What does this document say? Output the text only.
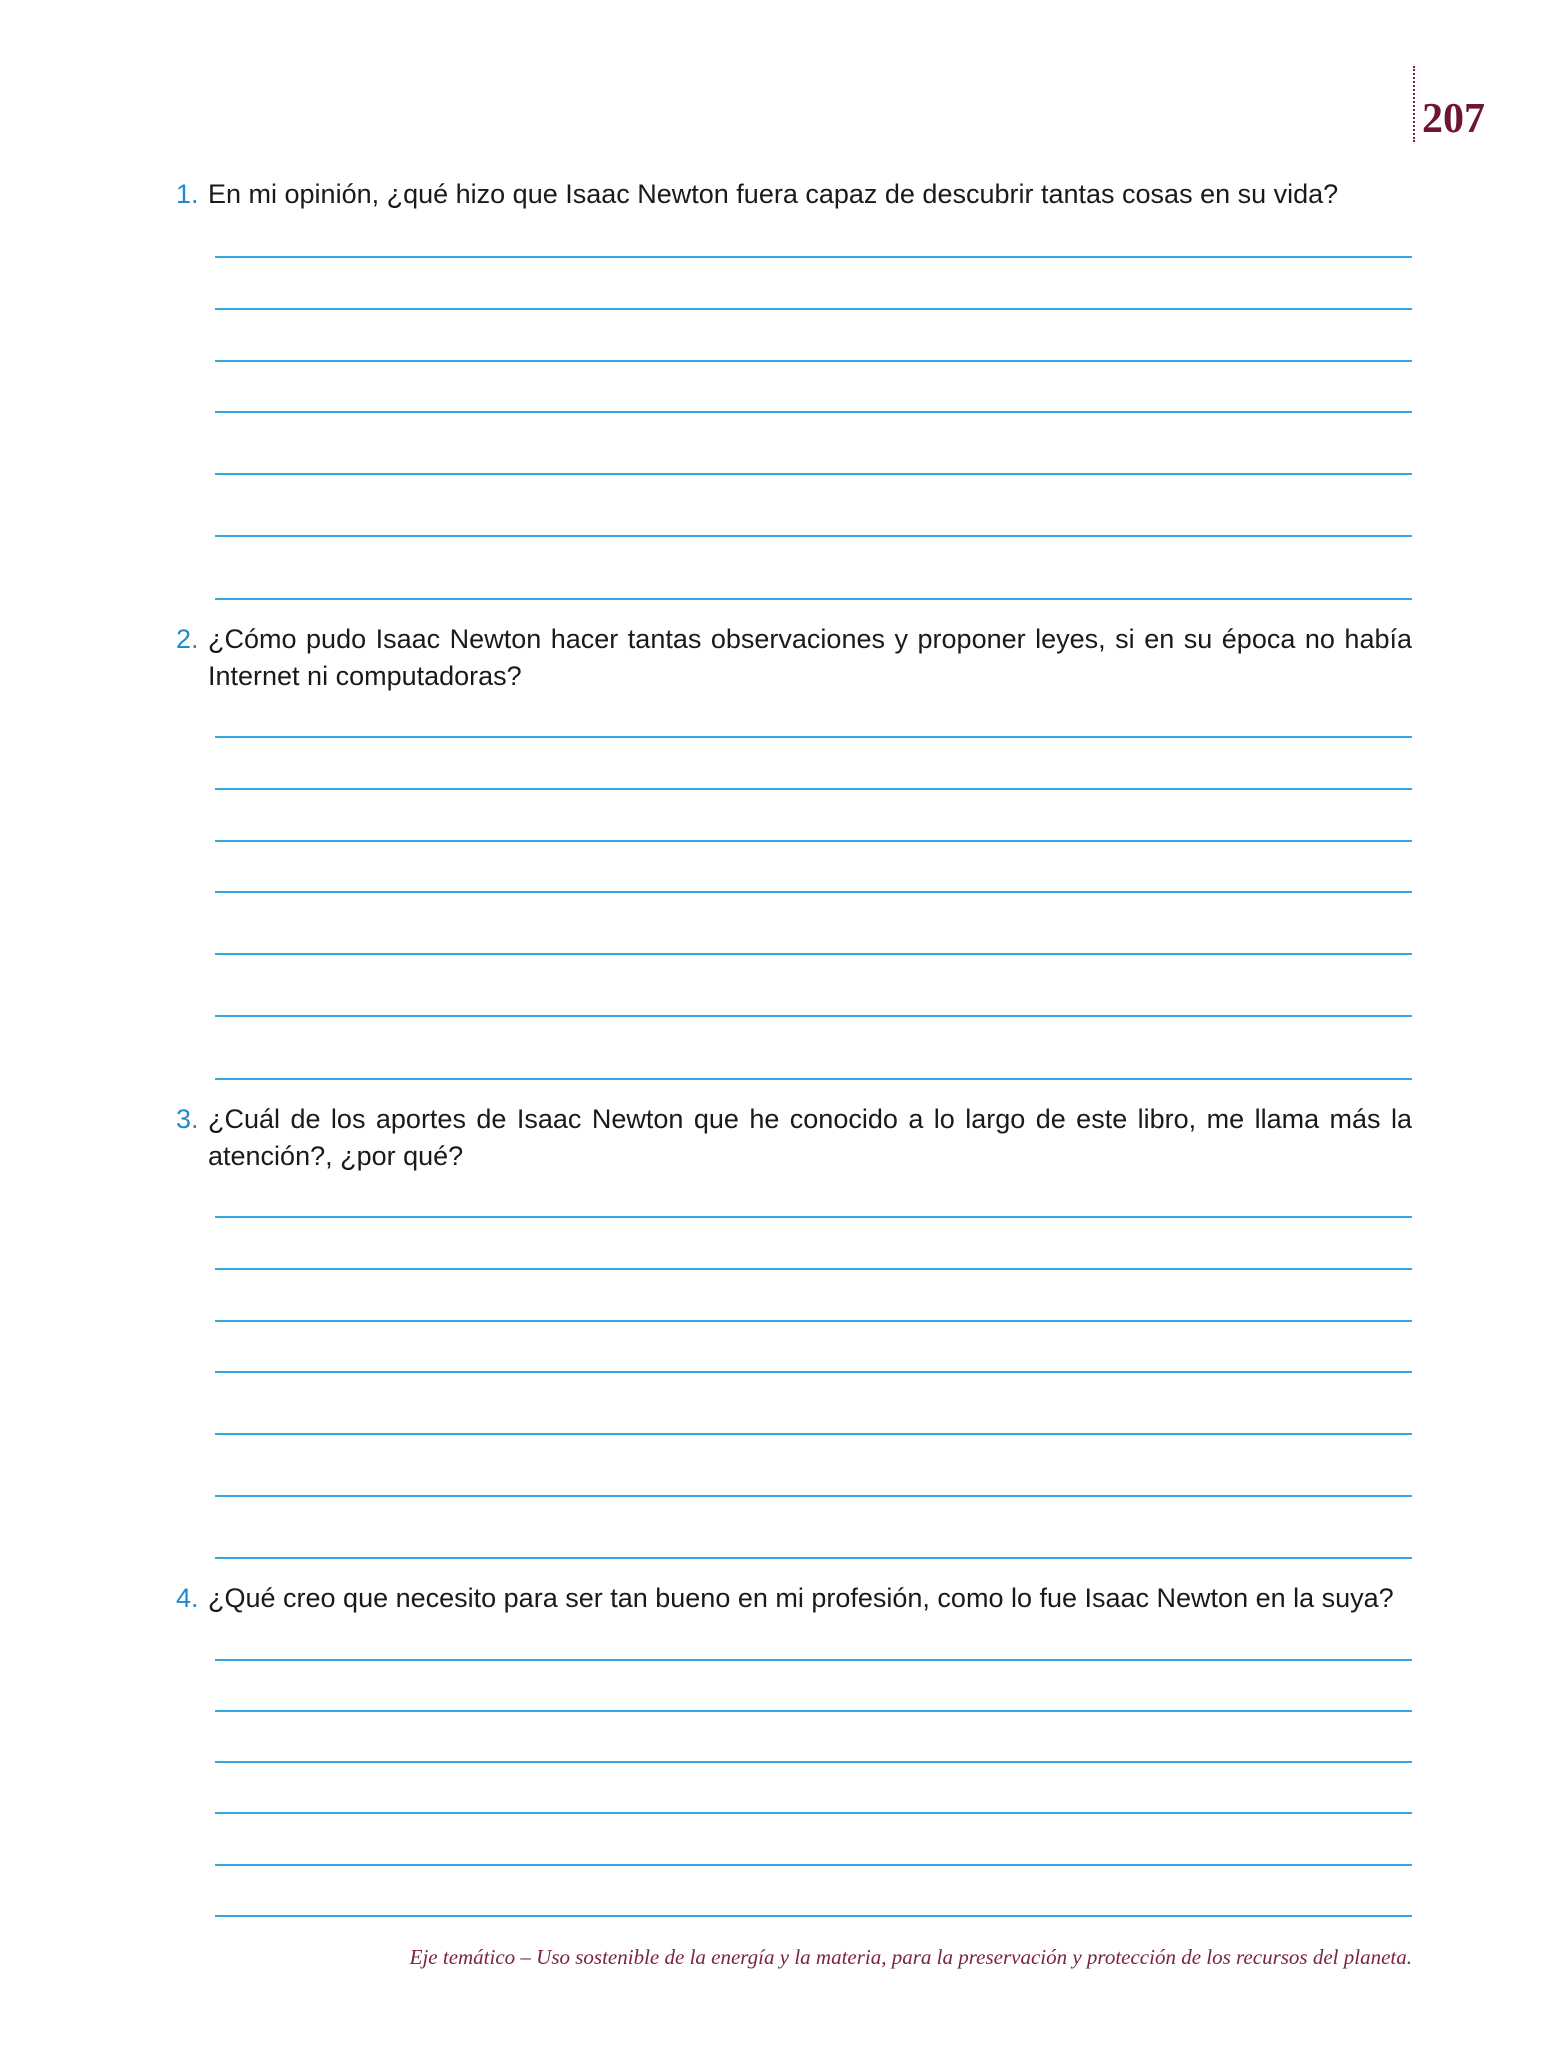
207
1. En mi opinión, ¿qué hizo que Isaac Newton fuera capaz de descubrir tantas cosas en su vida?
2. ¿Cómo pudo Isaac Newton hacer tantas observaciones y proponer leyes, si en su época no había Internet ni computadoras?
3. ¿Cuál de los aportes de Isaac Newton que he conocido a lo largo de este libro, me llama más la atención?, ¿por qué?
4. ¿Qué creo que necesito para ser tan bueno en mi profesión, como lo fue Isaac Newton en la suya?
Eje temático – Uso sostenible de la energía y la materia, para la preservación y protección de los recursos del planeta.
